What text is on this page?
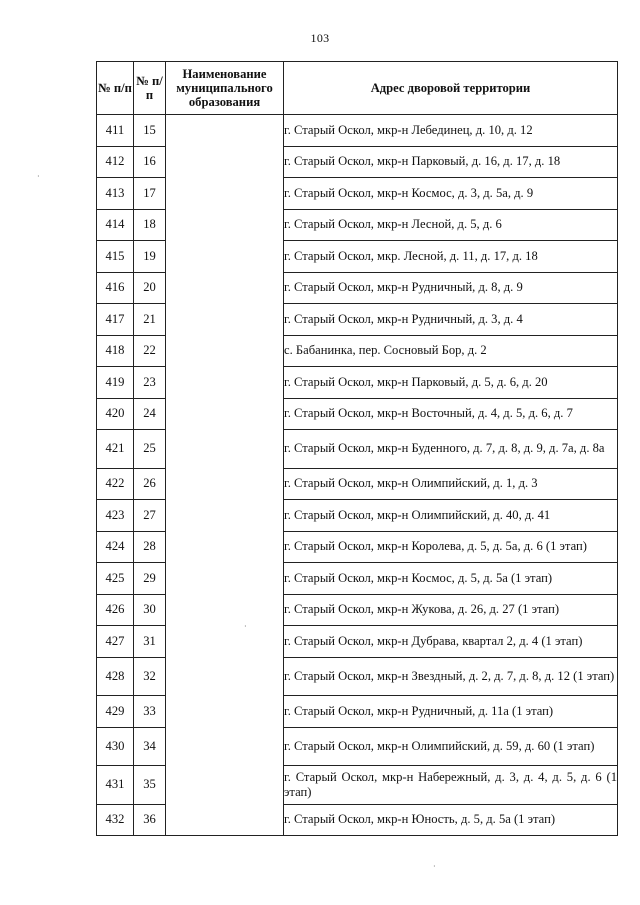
103
№ п/п	№ п/п	Наименование муниципального образования	Адрес дворовой территории
411	15		г. Старый Оскол, мкр-н Лебединец, д. 10, д. 12
412	16		г. Старый Оскол, мкр-н Парковый, д. 16, д. 17, д. 18
413	17		г. Старый Оскол, мкр-н Космос, д. 3, д. 5а, д. 9
414	18		г. Старый Оскол, мкр-н Лесной, д. 5, д. 6
415	19		г. Старый Оскол, мкр. Лесной, д. 11, д. 17, д. 18
416	20		г. Старый Оскол, мкр-н Рудничный, д. 8, д. 9
417	21		г. Старый Оскол, мкр-н Рудничный, д. 3, д. 4
418	22		с. Бабанинка, пер. Сосновый Бор, д. 2
419	23		г. Старый Оскол, мкр-н Парковый, д. 5, д. 6, д. 20
420	24		г. Старый Оскол, мкр-н Восточный, д. 4, д. 5, д. 6, д. 7
421	25		г. Старый Оскол, мкр-н Буденного, д. 7, д. 8, д. 9, д. 7а, д. 8а
422	26		г. Старый Оскол, мкр-н Олимпийский, д. 1, д. 3
423	27		г. Старый Оскол, мкр-н Олимпийский, д. 40, д. 41
424	28		г. Старый Оскол, мкр-н Королева, д. 5, д. 5а, д. 6 (1 этап)
425	29		г. Старый Оскол, мкр-н Космос, д. 5, д. 5а (1 этап)
426	30		г. Старый Оскол, мкр-н Жукова, д. 26, д. 27 (1 этап)
427	31		г. Старый Оскол, мкр-н Дубрава, квартал 2, д. 4 (1 этап)
428	32		г. Старый Оскол, мкр-н Звездный, д. 2, д. 7, д. 8, д. 12 (1 этап)
429	33		г. Старый Оскол, мкр-н Рудничный, д. 11а (1 этап)
430	34		г. Старый Оскол, мкр-н Олимпийский, д. 59, д. 60 (1 этап)
431	35		г. Старый Оскол, мкр-н Набережный, д. 3, д. 4, д. 5, д. 6 (1 этап)
432	36		г. Старый Оскол, мкр-н Юность, д. 5, д. 5а (1 этап)
·
·
·
